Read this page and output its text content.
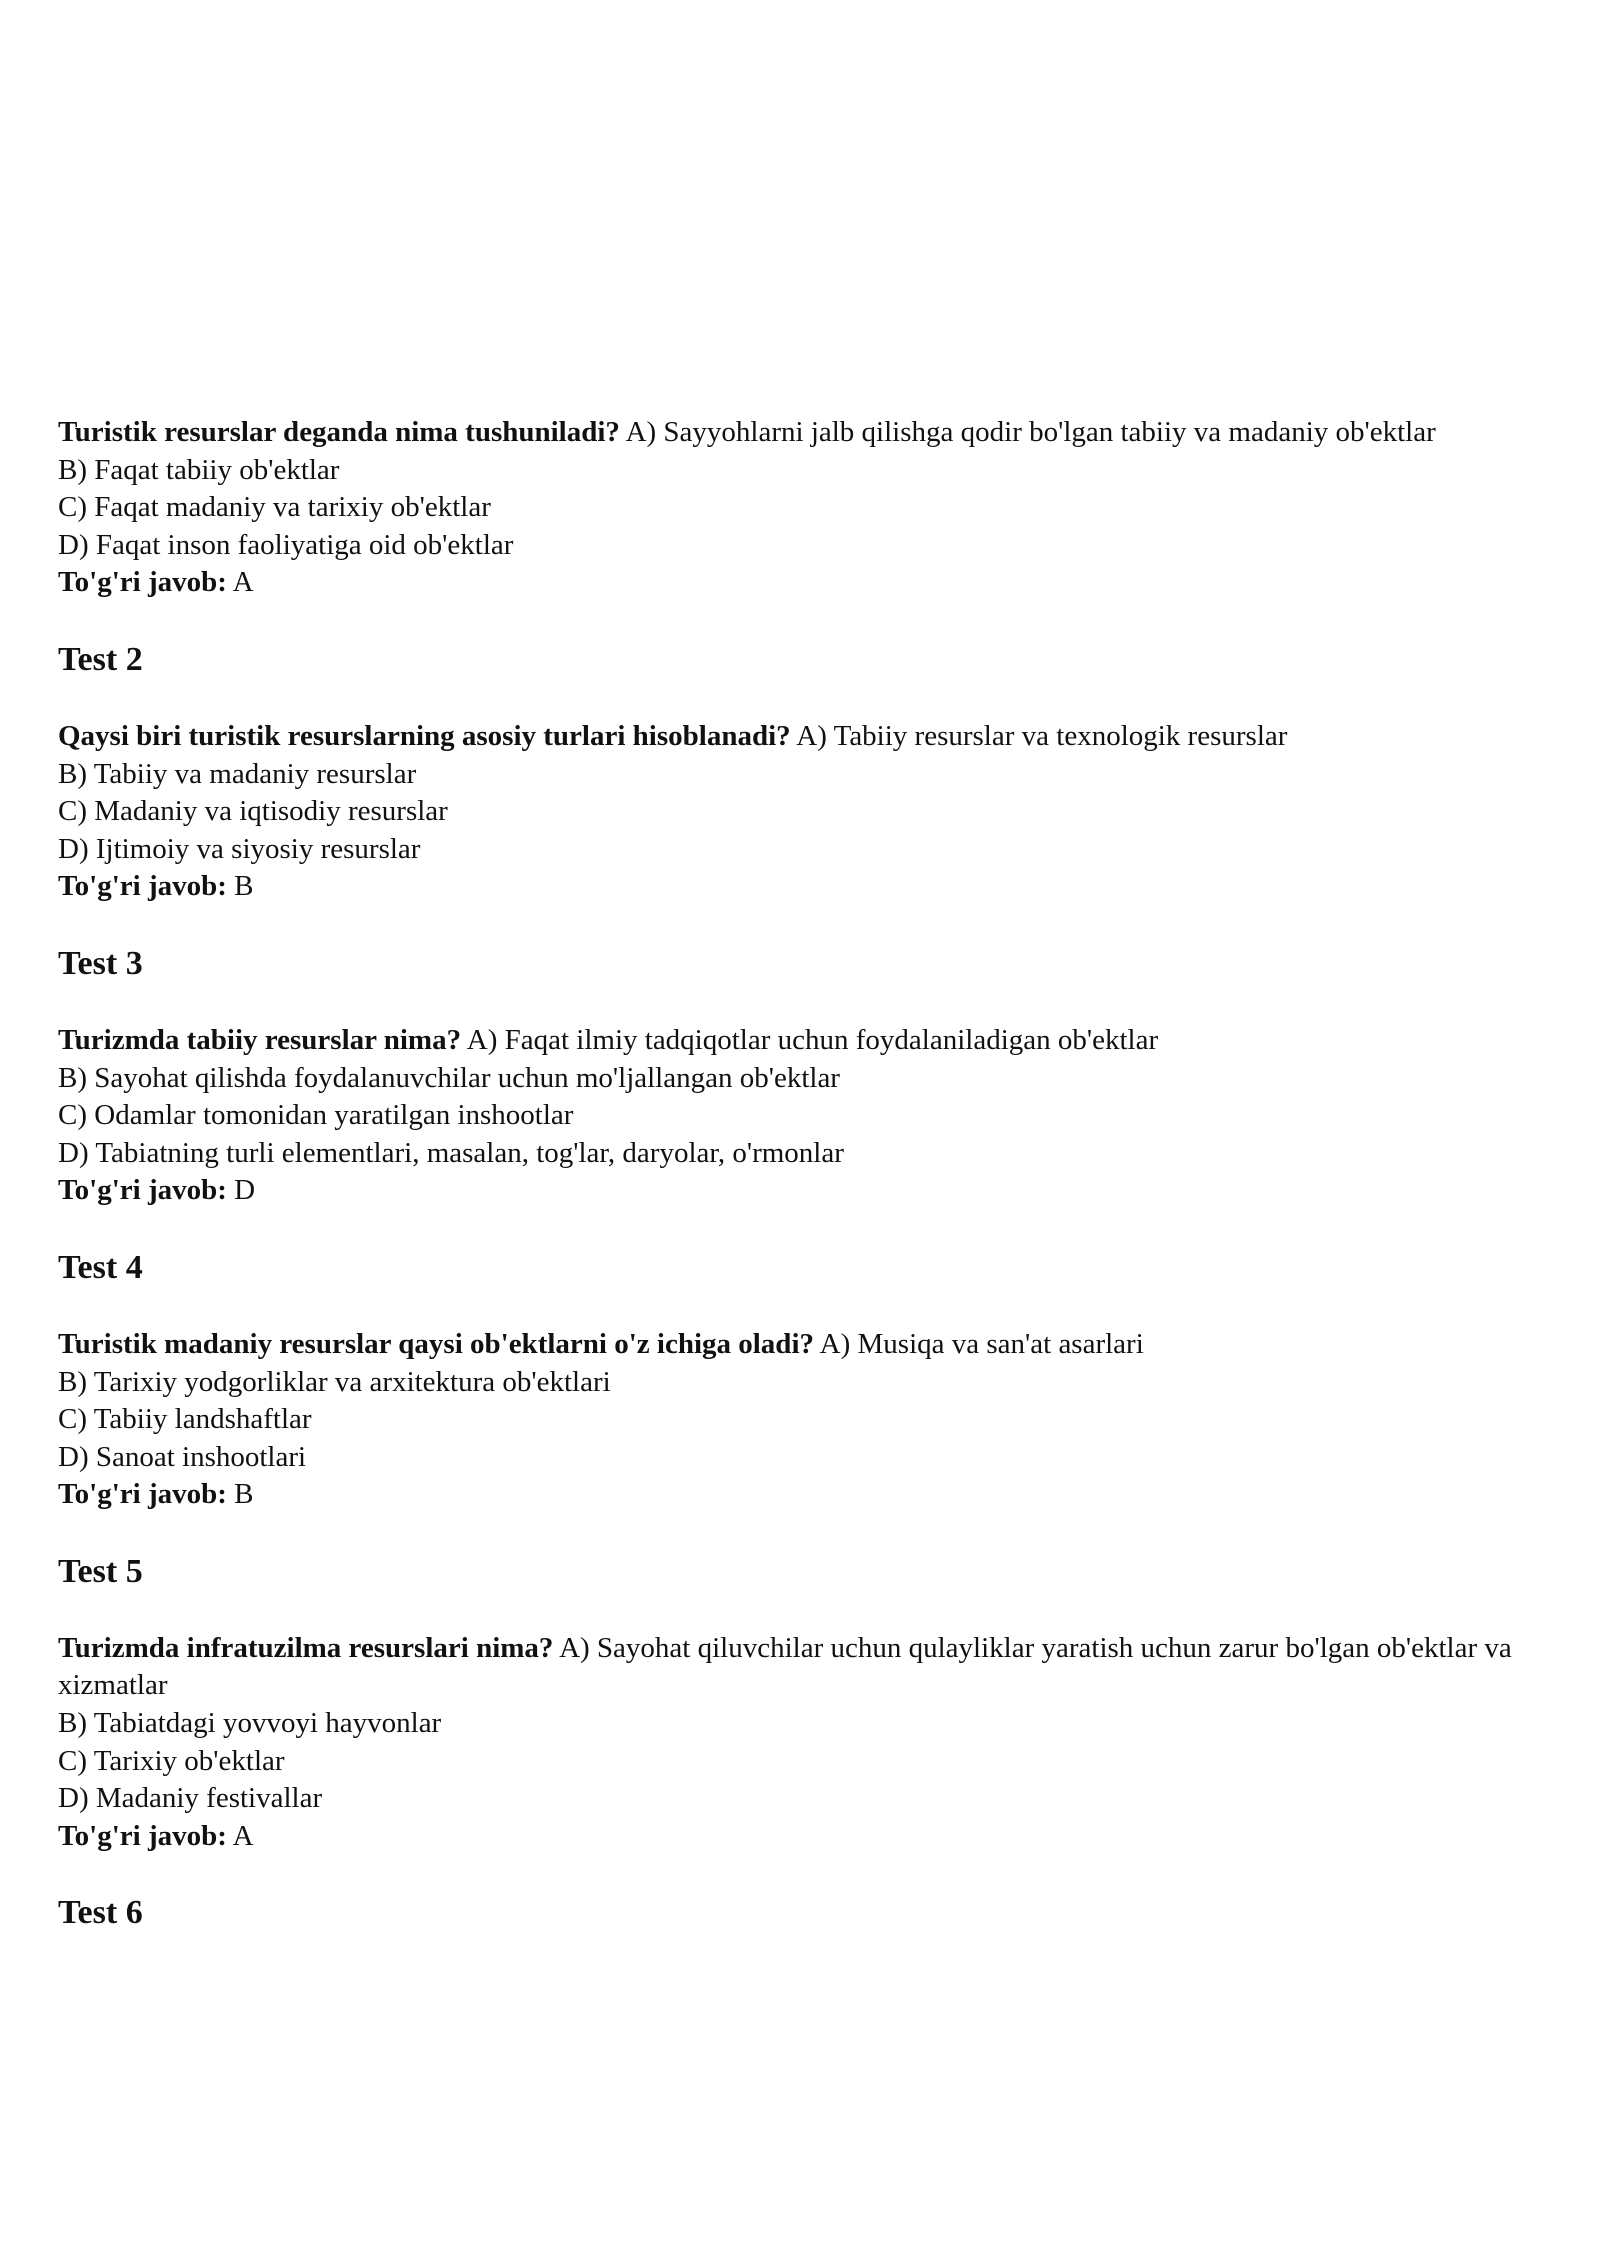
Turistik resurslar deganda nima tushuniladi? A) Sayyohlarni jalb qilishga qodir bo'lgan tabiiy va madaniy ob'ektlar

B) Faqat tabiiy ob'ektlar

C) Faqat madaniy va tarixiy ob'ektlar

D) Faqat inson faoliyatiga oid ob'ektlar

To'g'ri javob: A

Test 2

Qaysi biri turistik resurslarning asosiy turlari hisoblanadi? A) Tabiiy resurslar va texnologik resurslar

B) Tabiiy va madaniy resurslar

C) Madaniy va iqtisodiy resurslar

D) Ijtimoiy va siyosiy resurslar

To'g'ri javob: B

Test 3

Turizmda tabiiy resurslar nima? A) Faqat ilmiy tadqiqotlar uchun foydalaniladigan ob'ektlar

B) Sayohat qilishda foydalanuvchilar uchun mo'ljallangan ob'ektlar

C) Odamlar tomonidan yaratilgan inshootlar

D) Tabiatning turli elementlari, masalan, tog'lar, daryolar, o'rmonlar

To'g'ri javob: D

Test 4

Turistik madaniy resurslar qaysi ob'ektlarni o'z ichiga oladi? A) Musiqa va san'at asarlari

B) Tarixiy yodgorliklar va arxitektura ob'ektlari

C) Tabiiy landshaftlar

D) Sanoat inshootlari

To'g'ri javob: B

Test 5

Turizmda infratuzilma resurslari nima? A) Sayohat qiluvchilar uchun qulayliklar yaratish uchun zarur bo'lgan ob'ektlar va xizmatlar

B) Tabiatdagi yovvoyi hayvonlar

C) Tarixiy ob'ektlar

D) Madaniy festivallar

To'g'ri javob: A

Test 6
